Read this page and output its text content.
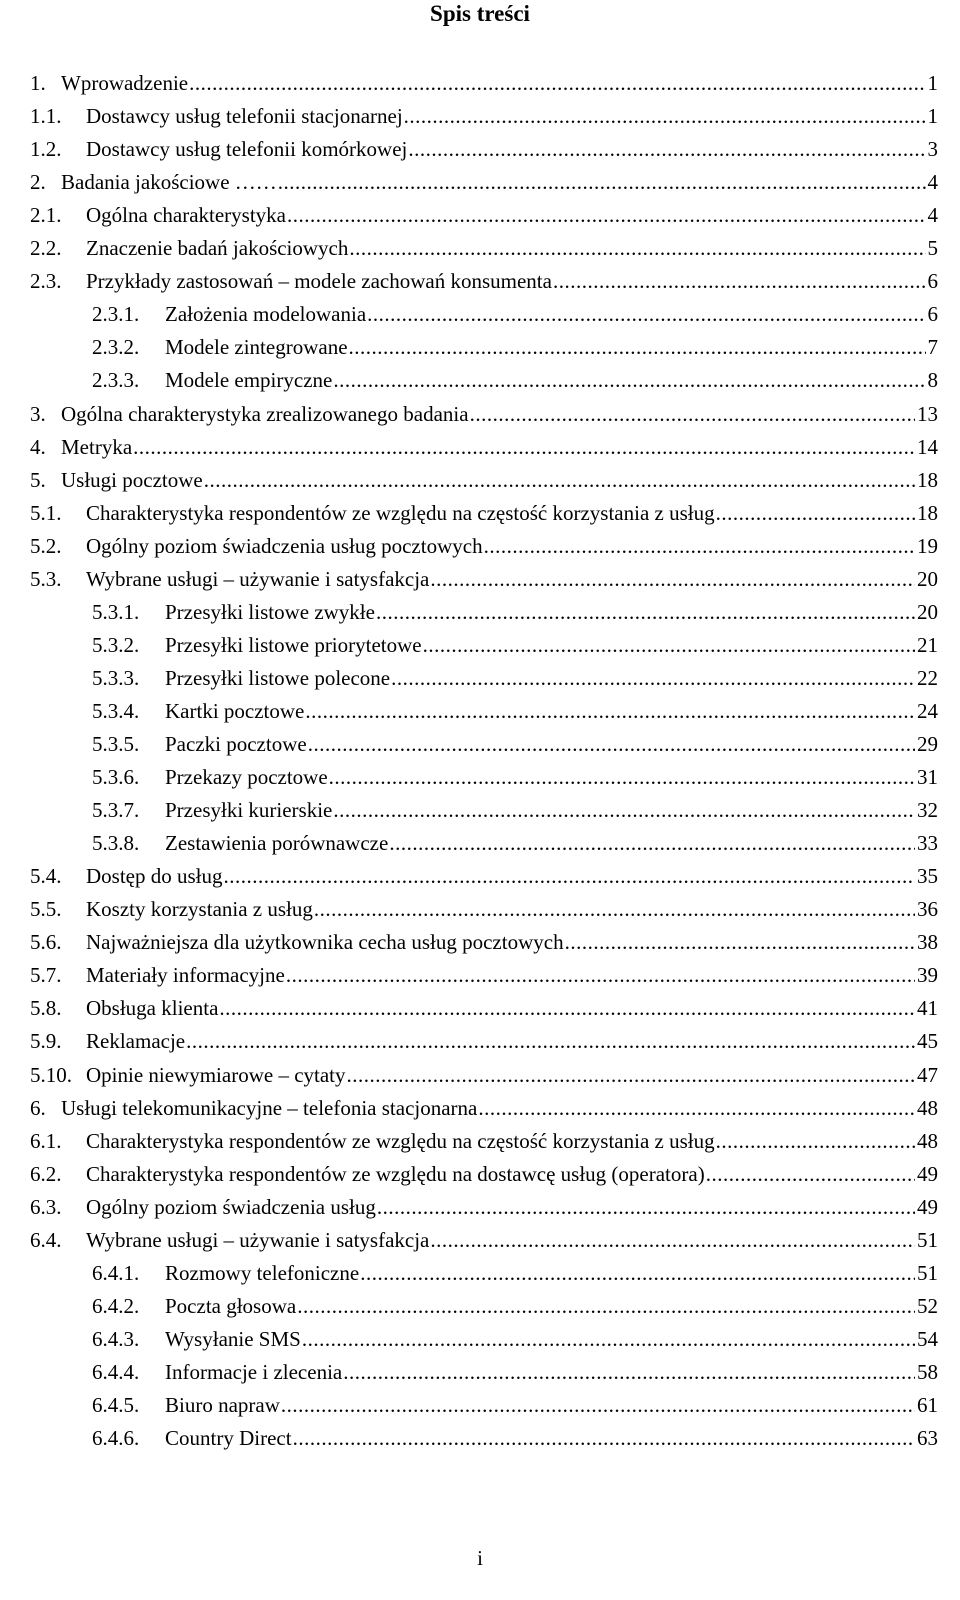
Spis treści
1. Wprowadzenie .....	1
1.1.	Dostawcy usług telefonii stacjonarnej .....	1
1.2.	Dostawcy usług telefonii komórkowej .....	3
2. Badania jakościowe …… .....	4
2.1.	Ogólna charakterystyka .....	4
2.2.	Znaczenie badań jakościowych .....	5
2.3.	Przykłady zastosowań – modele zachowań konsumenta .....	6
2.3.1.	Założenia modelowania .....	6
2.3.2.	Modele zintegrowane .....	7
2.3.3.	Modele empiryczne .....	8
3. Ogólna charakterystyka zrealizowanego badania .....	13
4. Metryka .....	14
5. Usługi pocztowe .....	18
5.1.	Charakterystyka respondentów ze względu na częstość korzystania z usług .....	18
5.2.	Ogólny poziom świadczenia usług pocztowych .....	19
5.3.	Wybrane usługi – używanie i satysfakcja .....	20
5.3.1.	Przesyłki listowe zwykłe .....	20
5.3.2.	Przesyłki listowe priorytetowe .....	21
5.3.3.	Przesyłki listowe polecone .....	22
5.3.4.	Kartki pocztowe .....	24
5.3.5.	Paczki pocztowe .....	29
5.3.6.	Przekazy pocztowe .....	31
5.3.7.	Przesyłki kurierskie .....	32
5.3.8.	Zestawienia porównawcze .....	33
5.4.	Dostęp do usług .....	35
5.5.	Koszty korzystania z usług .....	36
5.6.	Najważniejsza dla użytkownika cecha usług pocztowych .....	38
5.7.	Materiały informacyjne .....	39
5.8.	Obsługa klienta .....	41
5.9.	Reklamacje .....	45
5.10. Opinie niewymiarowe – cytaty .....	47
6. Usługi telekomunikacyjne – telefonia stacjonarna .....	48
6.1.	Charakterystyka respondentów ze względu na częstość korzystania z usług .....	48
6.2.	Charakterystyka respondentów ze względu na dostawcę usług (operatora) .....	49
6.3.	Ogólny poziom świadczenia usług .....	49
6.4.	Wybrane usługi – używanie i satysfakcja .....	51
6.4.1.	Rozmowy telefoniczne .....	51
6.4.2.	Poczta głosowa .....	52
6.4.3.	Wysyłanie SMS .....	54
6.4.4.	Informacje i zlecenia .....	58
6.4.5.	Biuro napraw .....	61
6.4.6.	Country Direct .....	63
i
